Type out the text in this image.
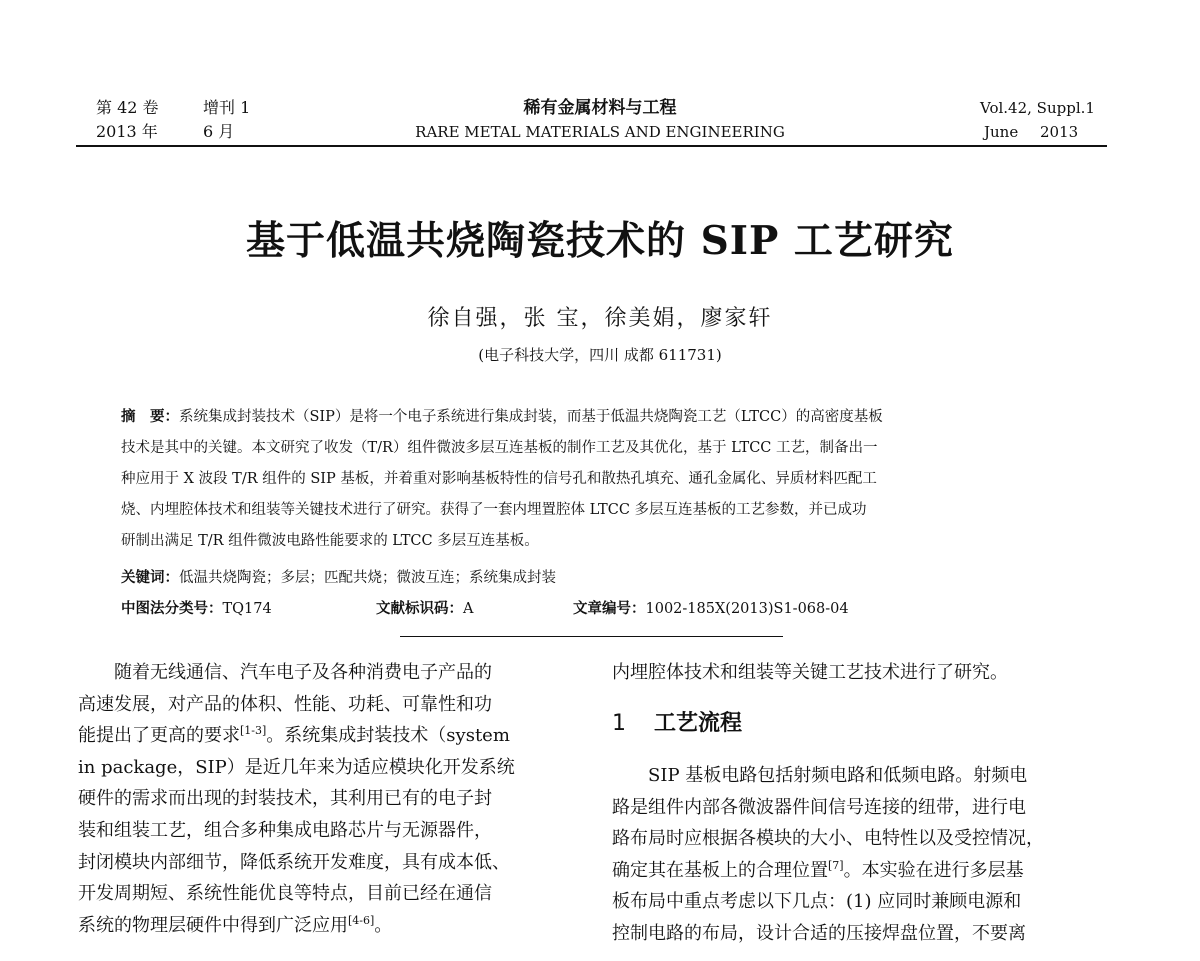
第 42 卷
2013 年
增刊 1
6 月
稀有金属材料与工程
RARE METAL MATERIALS AND ENGINEERING
Vol.42, Suppl.1
June 2013
基于低温共烧陶瓷技术的 SIP 工艺研究
徐自强，张 宝，徐美娟，廖家轩
(电子科技大学，四川 成都 611731)
摘　要：系统集成封装技术（SIP）是将一个电子系统进行集成封装，而基于低温共烧陶瓷工艺（LTCC）的高密度基板
技术是其中的关键。本文研究了收发（T/R）组件微波多层互连基板的制作工艺及其优化，基于 LTCC 工艺，制备出一
种应用于 X 波段 T/R 组件的 SIP 基板，并着重对影响基板特性的信号孔和散热孔填充、通孔金属化、异质材料匹配工
烧、内埋腔体技术和组装等关键技术进行了研究。获得了一套内埋置腔体 LTCC 多层互连基板的工艺参数，并已成功
研制出满足 T/R 组件微波电路性能要求的 LTCC 多层互连基板。
关键词：低温共烧陶瓷；多层；匹配共烧；微波互连；系统集成封装
中图法分类号：TQ174	文献标识码：A	文章编号：1002-185X(2013)S1-068-04
随着无线通信、汽车电子及各种消费电子产品的
高速发展，对产品的体积、性能、功耗、可靠性和功
能提出了更高的要求[1-3]。系统集成封装技术（system
in package，SIP）是近几年来为适应模块化开发系统
硬件的需求而出现的封装技术，其利用已有的电子封
装和组装工艺，组合多种集成电路芯片与无源器件，
封闭模块内部细节，降低系统开发难度，具有成本低、
开发周期短、系统性能优良等特点，目前已经在通信
系统的物理层硬件中得到广泛应用[4-6]。
内埋腔体技术和组装等关键工艺技术进行了研究。
1 工艺流程
SIP 基板电路包括射频电路和低频电路。射频电
路是组件内部各微波器件间信号连接的纽带，进行电
路布局时应根据各模块的大小、电特性以及受控情况，
确定其在基板上的合理位置[7]。本实验在进行多层基
板布局中重点考虑以下几点：(1) 应同时兼顾电源和
控制电路的布局，设计合适的压接焊盘位置，不要离
